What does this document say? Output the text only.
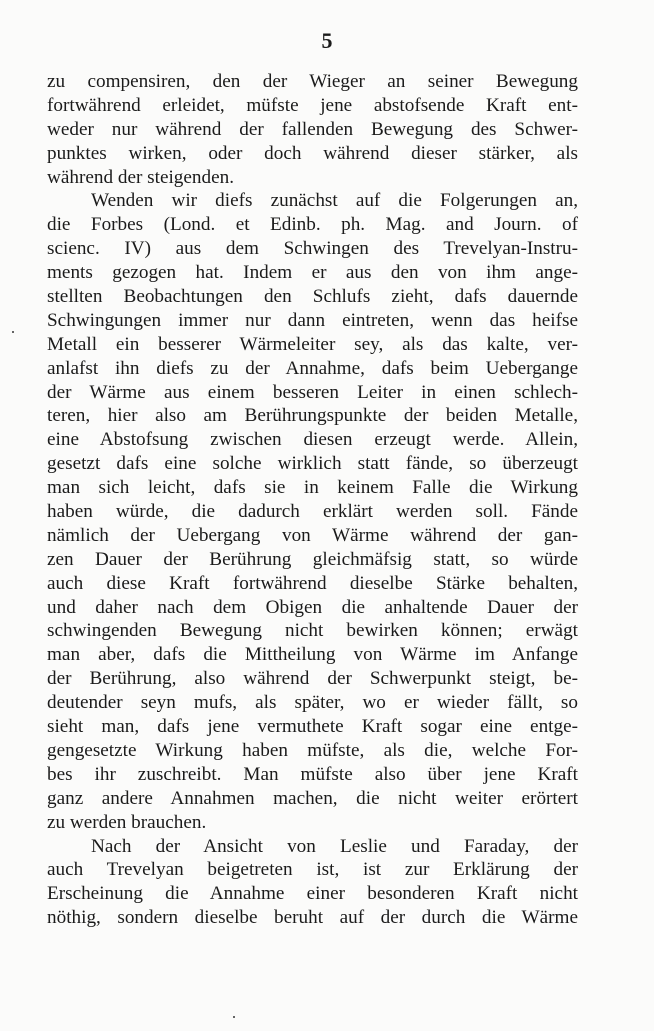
5
zu compensiren, den der Wieger an seiner Bewegung
fortwährend erleidet, müfste jene abstofsende Kraft ent-
weder nur während der fallenden Bewegung des Schwer-
punktes wirken, oder doch während dieser stärker, als
während der steigenden.
Wenden wir diefs zunächst auf die Folgerungen an,
die Forbes (Lond. et Edinb. ph. Mag. and Journ. of
scienc. IV) aus dem Schwingen des Trevelyan-Instru-
ments gezogen hat. Indem er aus den von ihm ange-
stellten Beobachtungen den Schlufs zieht, dafs dauernde
Schwingungen immer nur dann eintreten, wenn das heifse
Metall ein besserer Wärmeleiter sey, als das kalte, ver-
anlafst ihn diefs zu der Annahme, dafs beim Uebergange
der Wärme aus einem besseren Leiter in einen schlech-
teren, hier also am Berührungspunkte der beiden Metalle,
eine Abstofsung zwischen diesen erzeugt werde. Allein,
gesetzt dafs eine solche wirklich statt fände, so überzeugt
man sich leicht, dafs sie in keinem Falle die Wirkung
haben würde, die dadurch erklärt werden soll. Fände
nämlich der Uebergang von Wärme während der gan-
zen Dauer der Berührung gleichmäfsig statt, so würde
auch diese Kraft fortwährend dieselbe Stärke behalten,
und daher nach dem Obigen die anhaltende Dauer der
schwingenden Bewegung nicht bewirken können; erwägt
man aber, dafs die Mittheilung von Wärme im Anfange
der Berührung, also während der Schwerpunkt steigt, be-
deutender seyn mufs, als später, wo er wieder fällt, so
sieht man, dafs jene vermuthete Kraft sogar eine entge-
gengesetzte Wirkung haben müfste, als die, welche For-
bes ihr zuschreibt. Man müfste also über jene Kraft
ganz andere Annahmen machen, die nicht weiter erörtert
zu werden brauchen.
Nach der Ansicht von Leslie und Faraday, der
auch Trevelyan beigetreten ist, ist zur Erklärung der
Erscheinung die Annahme einer besonderen Kraft nicht
nöthig, sondern dieselbe beruht auf der durch die Wärme
